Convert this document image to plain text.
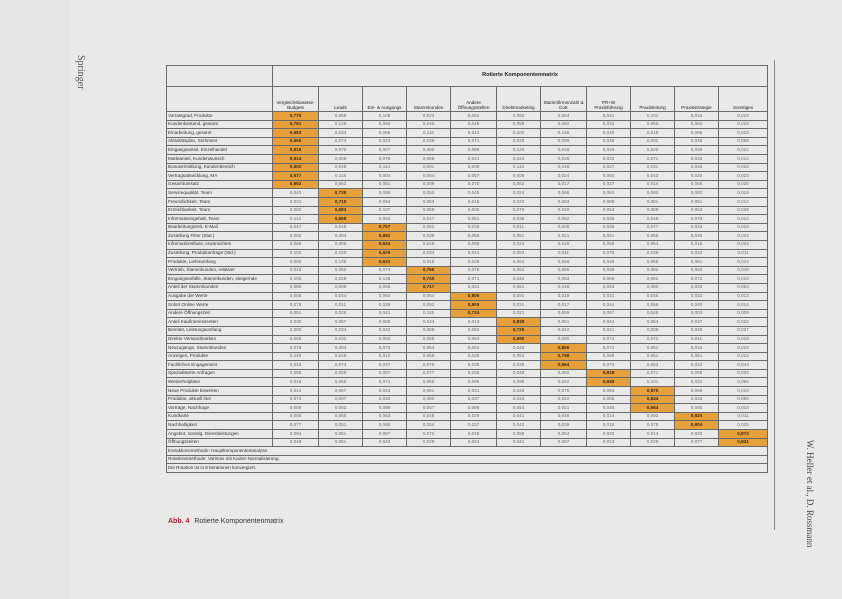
Springer
W. Heller et al., D. Rossmann
	Rotierte Komponentenmatrix											
	Vergleichsbasisse-Budgets	Leads	Ein- & Ausgangs	Stammkunden	Andere Öffnungsstellen	Direktmarketing	Stammfirmenzahl & CoK	PR+W Praxisführung	Praxisleitung	Praxisstrategie	Sonstiges	
Vorratsgrad, Produkte	0,775	0,059	0,108	0,023	0,062	0,060	0,064	0,041	0,101	0,034	0,019	
Kundenbestand, gesamt	0,761	0,128	0,092	0,040	0,045	0,059	0,062	0,032	0,050	0,082	0,016	
Einarbeitung, gesamt	0,683	0,034	0,056	0,110	0,042	0,100	0,166	0,040	0,018	0,065	0,023	
Aktivitätsplan, Sortiment	0,655	0,074	0,043	0,036	0,071	0,029	0,099	0,048	0,092	0,045	0,089	
Eingangsanteil, Einzelhandel	0,619	0,070	0,007	0,080	0,089	0,120	0,046	0,034	0,020	0,038	0,022	
Marktanteil, Kundenwunsch	0,614	0,008	0,078	0,066	0,041	0,024	0,028	0,022	0,071	0,026	0,012	
Bonusermittlung, Kundenbereich	0,602	0,048	0,114	0,091	0,009	0,113	0,048	0,027	0,031	0,045	0,016	
Vertragsabwicklung, MA	0,577	0,118	0,004	0,054	0,057	0,006	0,024	0,060	0,043	0,025	0,023	
Gesamtumsatz	0,552	0,063	0,081	0,009	0,070	0,082	0,017	0,027	0,014	0,066	0,020	
Servicequalität, Team	0,043	0,735	0,095	0,053	0,045	0,024	0,068	0,063	0,083	0,082	0,018	
Freundlichkeit, Team	0,031	0,715	0,094	0,053	0,015	0,022	0,083	0,088	0,081	0,051	0,014	
Erreichbarkeit, Team	0,082	0,683	0,107	0,059	0,006	0,075	0,029	0,054	0,086	0,053	0,039	
Informationsgehalt, Team	0,112	0,658	0,052	0,017	0,051	0,039	0,092	0,036	0,049	0,079	0,012	
Bearbeitungszeit, E-Mail	0,047	0,045	0,757	0,052	0,036	0,011	0,006	0,036	0,077	0,043	0,016	
Zustellung Filter (Stat.)	0,083	0,084	0,692	0,039	0,059	0,081	0,021	0,051	0,055	0,045	0,024	
Informationsfluss, erwünschtes	0,066	0,085	0,634	0,048	0,098	0,024	0,026	0,059	0,064	0,016	0,024	
Zustellung, Produktanfrage (Std.)	0,102	0,150	0,629	0,034	0,041	0,094	0,011	0,078	0,036	0,034	0,011	
Produkte, Lieferumfang	0,050	0,138	0,622	0,015	0,029	0,084	0,056	0,048	0,065	0,081	0,024	
Vertrieb, Stammkunden, relativer	0,015	0,060	0,074	0,756	0,078	0,063	0,065	0,039	0,082	0,092	0,049	
Eingangsanfälle, Stammkunden, steigernde	0,106	0,029	0,128	0,749	0,071	0,042	0,053	0,056	0,062	0,072	0,019	
Anteil der Stammkunden	0,088	0,095	0,056	0,717	0,031	0,061	0,048	0,063	0,080	0,020	0,053	
Ausgabe der Werte	0,056	0,044	0,064	0,064	0,806	0,091	0,019	0,031	0,045	0,032	0,013	
Sofort Online Werte	0,076	0,011	0,039	0,093	0,805	0,031	0,017	0,044	0,066	0,040	0,014	
Andere Öffnungszeit	0,051	0,026	0,041	0,115	0,734	0,021	0,059	0,057	0,048	0,003	0,009	
Anteil Kaufinteressenten	0,030	0,067	0,085	0,044	0,013	0,838	0,051	0,044	0,064	0,037	0,022	
Bereitet, Leistungsumfang	0,090	0,034	0,042	0,089	0,066	0,725	0,042	0,041	0,006	0,049	0,037	
Direkte Versandmarken	0,068	0,032	0,050	0,068	0,064	0,690	0,080	0,074	0,072	0,011	0,018	
Neuzugänge, Stammkunden	0,078	0,084	0,073	0,064	0,052	0,046	0,855	0,071	0,051	0,034	0,016	
Anzeigen, Produkte	0,119	0,048	0,012	0,068	0,038	0,052	0,798	0,068	0,061	0,051	0,012	
Fachliches Engagement	0,023	0,074	0,047	0,075	0,035	0,035	0,564	0,073	0,053	0,022	0,043	
Spezialisierte Anfragen	0,058	0,069	0,057	0,077	0,036	0,048	0,050	0,818	0,071	0,058	0,039	
Wiederholpläne	0,018	0,056	0,071	0,066	0,096	0,096	0,042	0,649	0,101	0,031	0,096	
Neue Produkte bewerten	0,024	0,067	0,053	0,061	0,031	0,026	0,075	0,094	0,875	0,068	0,019	
Produkte, aktuell hier	0,074	0,097	0,030	0,080	0,037	0,040	0,022	0,055	0,844	0,033	0,060	
Vorträge, Nachfrage	0,089	0,052	0,086	0,057	0,086	0,054	0,021	0,048	0,684	0,085	0,010	
Kundkarte	0,080	0,055	0,063	0,048	0,029	0,041	0,048	0,014	0,092	0,920	0,011	
Nachhaltigkeit	0,077	0,051	0,065	0,054	0,037	0,042	0,039	0,015	0,078	0,904	0,025	
Angebot, sonstig, Dienstleistungen	0,094	0,061	0,097	0,072	0,046	0,058	0,054	0,020	0,014	0,020	0,872	
Öffnungszeiten	0,048	0,051	0,043	0,026	0,064	0,041	0,097	0,013	0,028	0,077	0,831	
Extraktionsmethode: Hauptkomponentenanalyse.												
Rotationsmethode: Varimax mit Kaiser-Normalisierung.												
Die Rotation ist in 8 Iterationen konvergiert.												
Abb. 4 Rotierte Komponentenmatrix
